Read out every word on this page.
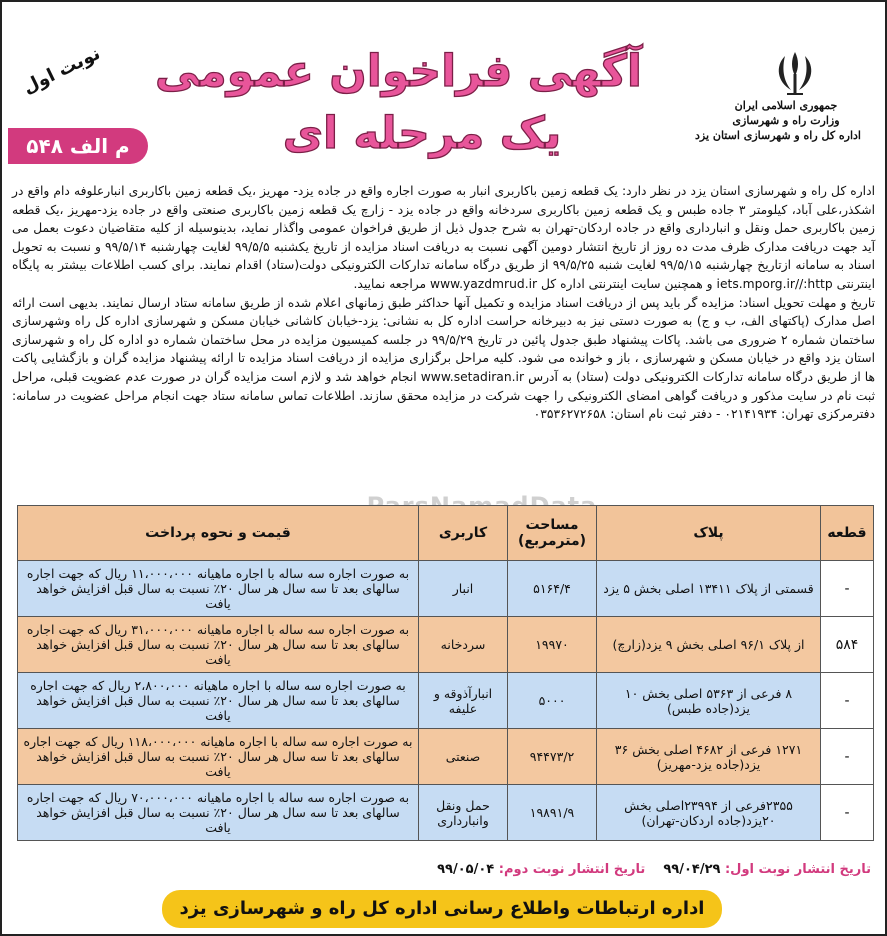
جمهوری اسلامی ایران
وزارت راه و شهرسازی
اداره کل راه و شهرسازی استان یزد
آگهی فراخوان عمومی
یک مرحله ای
نوبت اول
م الف ۵۴۸

اداره کل راه و شهرسازی استان یزد در نظر دارد: یک قطعه زمین باکاربری انبار به صورت اجاره واقع در جاده یزد- مهریز ،یک قطعه زمین باکاربری انبارعلوفه دام واقع در اشکذر،علی آباد، کیلومتر ۳ جاده طبس و یک قطعه زمین باکاربری سردخانه واقع در جاده یزد - زارچ یک قطعه زمین باکاربری صنعتی واقع در جاده یزد-مهریز ،یک قطعه زمین باکاربری حمل ونقل و انبارداری واقع در جاده اردکان-تهران به شرح جدول ذیل از طریق فراخوان عمومی واگذار نماید، بدینوسیله از کلیه متقاضیان دعوت بعمل می آید جهت دریافت مدارک ظرف مدت ده روز از تاریخ انتشار دومین آگهی نسبت به دریافت اسناد مزایده از تاریخ یکشنبه ۹۹/۵/۵ لغایت چهارشنبه ۹۹/۵/۱۴ و نسبت به تحویل اسناد به سامانه ازتاریخ چهارشنبه ۹۹/۵/۱۵ لغایت شنبه ۹۹/۵/۲۵ از طریق درگاه سامانه تدارکات الکترونیکی دولت(ستاد) اقدام نمایند. برای کسب اطلاعات بیشتر به پایگاه اینترنتی iets.mporg.ir//:http و همچنین سایت اینترنتی اداره کل www.yazdmrud.ir مراجعه نمایید.

تاریخ و مهلت تحویل اسناد: مزایده گر باید پس از دریافت اسناد مزایده و تکمیل آنها حداکثر طبق زمانهای اعلام شده از طریق سامانه ستاد ارسال نمایند. بدیهی است ارائه اصل مدارک (پاکتهای الف، ب و ج) به صورت دستی نیز به دبیرخانه حراست اداره کل به نشانی: یزد-خیابان کاشانی خیابان مسکن و شهرسازی اداره کل راه وشهرسازی ساختمان شماره ۲ ضروری می باشد. پاکات پیشنهاد طبق جدول پائین در تاریخ ۹۹/۵/۲۹ در جلسه کمیسیون مزایده در محل ساختمان شماره دو اداره کل راه و شهرسازی استان یزد واقع در خیابان مسکن و شهرسازی ، باز و خوانده می شود. کلیه مراحل برگزاری مزایده از دریافت اسناد مزایده تا ارائه پیشنهاد مزایده گران و بازگشایی پاکت ها از طریق درگاه سامانه تدارکات الکترونیکی دولت (ستاد) به آدرس www.setadiran.ir انجام خواهد شد و لازم است مزایده گران در صورت عدم عضویت قبلی، مراحل ثبت نام در سایت مذکور و دریافت گواهی امضای الکترونیکی را جهت شرکت در مزایده محقق سازند. اطلاعات تماس سامانه ستاد جهت انجام مراحل عضویت در سامانه: دفترمرکزی تهران: ۰۲۱۴۱۹۳۴ - دفتر ثبت نام استان: ۰۳۵۳۶۲۷۲۶۵۸

قطعه	پلاک	مساحت (مترمربع)	کاربری	قیمت و نحوه پرداخت
-	قسمتی از پلاک ۱۳۴۱۱ اصلی بخش ۵ یزد	۵۱۶۴/۴	انبار	به صورت اجاره سه ساله با اجاره ماهیانه ۱۱،۰۰۰،۰۰۰ ریال که جهت اجاره سالهای بعد تا سه سال هر سال ۲۰٪ نسبت به سال قبل افزایش خواهد یافت
۵۸۴	از پلاک ۹۶/۱ اصلی بخش ۹ یزد(زارچ)	۱۹۹۷۰	سردخانه	به صورت اجاره سه ساله با اجاره ماهیانه ۳۱،۰۰۰،۰۰۰ ریال که جهت اجاره سالهای بعد تا سه سال هر سال ۲۰٪ نسبت به سال قبل افزایش خواهد یافت
-	۸ فرعی از ۵۳۶۳ اصلی بخش ۱۰ یزد(جاده طبس)	۵۰۰۰	انبارآذوقه و علیفه	به صورت اجاره سه ساله با اجاره ماهیانه ۲،۸۰۰،۰۰۰ ریال که جهت اجاره سالهای بعد تا سه سال هر سال ۲۰٪ نسبت به سال قبل افزایش خواهد یافت
-	۱۲۷۱ فرعی از ۴۶۸۲ اصلی بخش ۳۶ یزد(جاده یزد-مهریز)	۹۴۴۷۳/۲	صنعتی	به صورت اجاره سه ساله با اجاره ماهیانه ۱۱۸،۰۰۰،۰۰۰ ریال که جهت اجاره سالهای بعد تا سه سال هر سال ۲۰٪ نسبت به سال قبل افزایش خواهد یافت
-	۲۳۵۵فرعی از ۲۳۹۹۴اصلی بخش ۲۰یزد(جاده اردکان-تهران)	۱۹۸۹۱/۹	حمل ونقل وانبارداری	به صورت اجاره سه ساله با اجاره ماهیانه ۷۰،۰۰۰،۰۰۰ ریال که جهت اجاره سالهای بعد تا سه سال هر سال ۲۰٪ نسبت به سال قبل افزایش خواهد یافت
تاریخ انتشار نوبت اول: ۹۹/۰۴/۲۹    تاریخ انتشار نوبت دوم: ۹۹/۰۵/۰۴
اداره ارتباطات واطلاع رسانی اداره کل راه و شهرسازی یزد
